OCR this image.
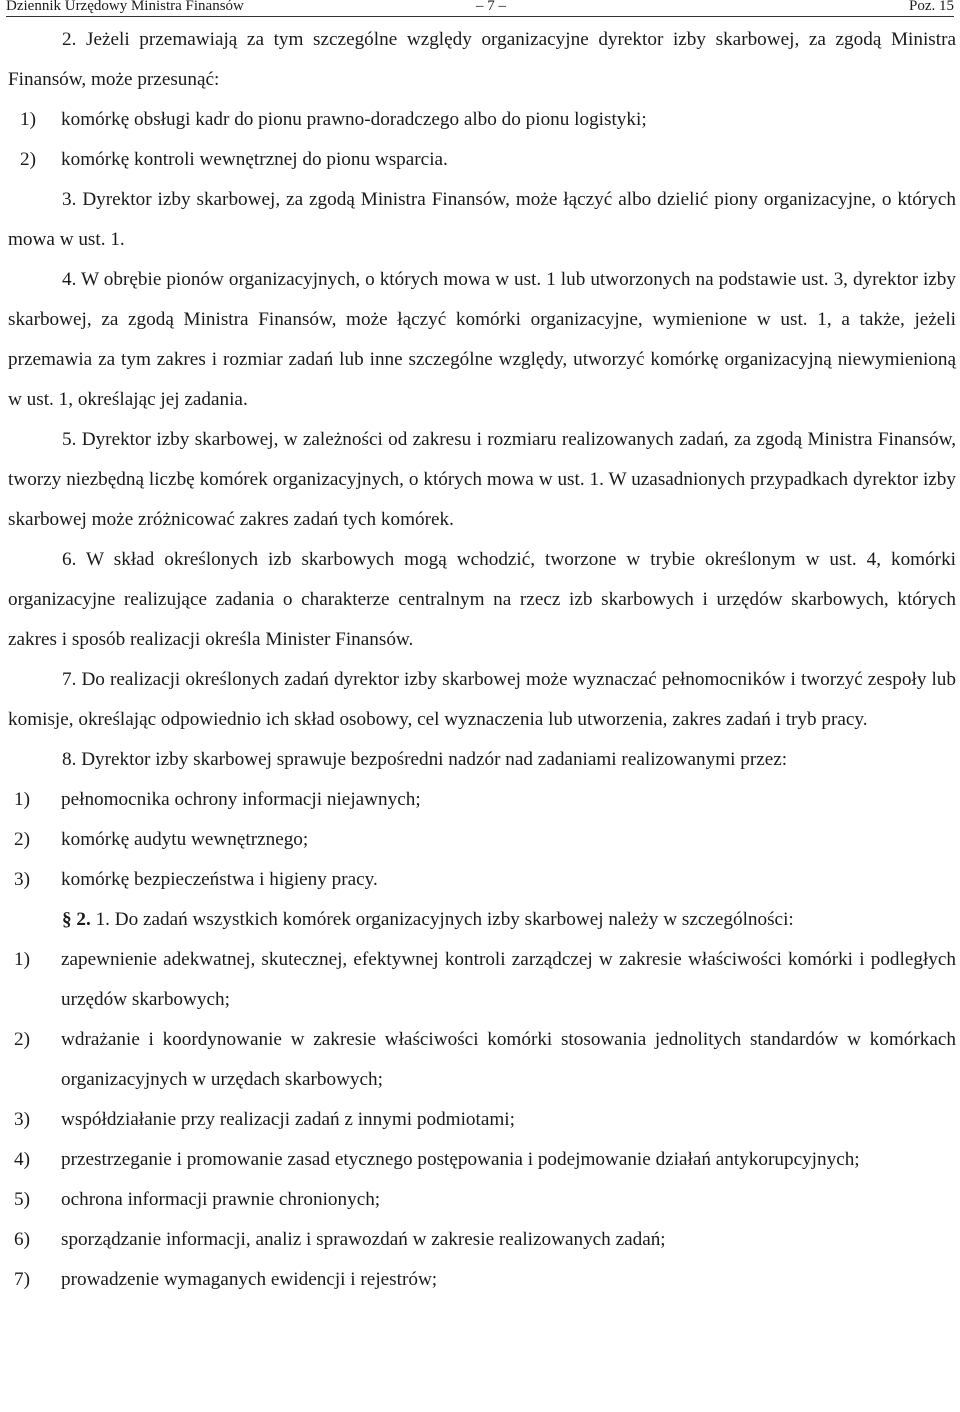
Dziennik Urzędowy Ministra Finansów	– 7 –	Poz. 15

2. Jeżeli przemawiają za tym szczególne względy organizacyjne dyrektor izby skarbowej, za zgodą Ministra Finansów, może przesunąć:

1) komórkę obsługi kadr do pionu prawno-doradczego albo do pionu logistyki;

2) komórkę kontroli wewnętrznej do pionu wsparcia.

3. Dyrektor izby skarbowej, za zgodą Ministra Finansów, może łączyć albo dzielić piony organizacyjne, o których mowa w ust. 1.

4. W obrębie pionów organizacyjnych, o których mowa w ust. 1 lub utworzonych na podstawie ust. 3, dyrektor izby skarbowej, za zgodą Ministra Finansów, może łączyć komórki organizacyjne, wymienione w ust. 1, a także, jeżeli przemawia za tym zakres i rozmiar zadań lub inne szczególne względy, utworzyć komórkę organizacyjną niewymienioną w ust. 1, określając jej zadania.

5. Dyrektor izby skarbowej, w zależności od zakresu i rozmiaru realizowanych zadań, za zgodą Ministra Finansów, tworzy niezbędną liczbę komórek organizacyjnych, o których mowa w ust. 1. W uzasadnionych przypadkach dyrektor izby skarbowej może zróżnicować zakres zadań tych komórek.

6. W skład określonych izb skarbowych mogą wchodzić, tworzone w trybie określonym w ust. 4, komórki organizacyjne realizujące zadania o charakterze centralnym na rzecz izb skarbowych i urzędów skarbowych, których zakres i sposób realizacji określa Minister Finansów.

7. Do realizacji określonych zadań dyrektor izby skarbowej może wyznaczać pełnomocników i tworzyć zespoły lub komisje, określając odpowiednio ich skład osobowy, cel wyznaczenia lub utworzenia, zakres zadań i tryb pracy.

8. Dyrektor izby skarbowej sprawuje bezpośredni nadzór nad zadaniami realizowanymi przez:

1) pełnomocnika ochrony informacji niejawnych;

2) komórkę audytu wewnętrznego;

3) komórkę bezpieczeństwa i higieny pracy.

§ 2. 1. Do zadań wszystkich komórek organizacyjnych izby skarbowej należy w szczególności:

1) zapewnienie adekwatnej, skutecznej, efektywnej kontroli zarządczej w zakresie właściwości komórki i podległych urzędów skarbowych;

2) wdrażanie i koordynowanie w zakresie właściwości komórki stosowania jednolitych standardów w komórkach organizacyjnych w urzędach skarbowych;

3) współdziałanie przy realizacji zadań z innymi podmiotami;

4) przestrzeganie i promowanie zasad etycznego postępowania i podejmowanie działań antykorupcyjnych;

5) ochrona informacji prawnie chronionych;

6) sporządzanie informacji, analiz i sprawozdań w zakresie realizowanych zadań;

7) prowadzenie wymaganych ewidencji i rejestrów;
